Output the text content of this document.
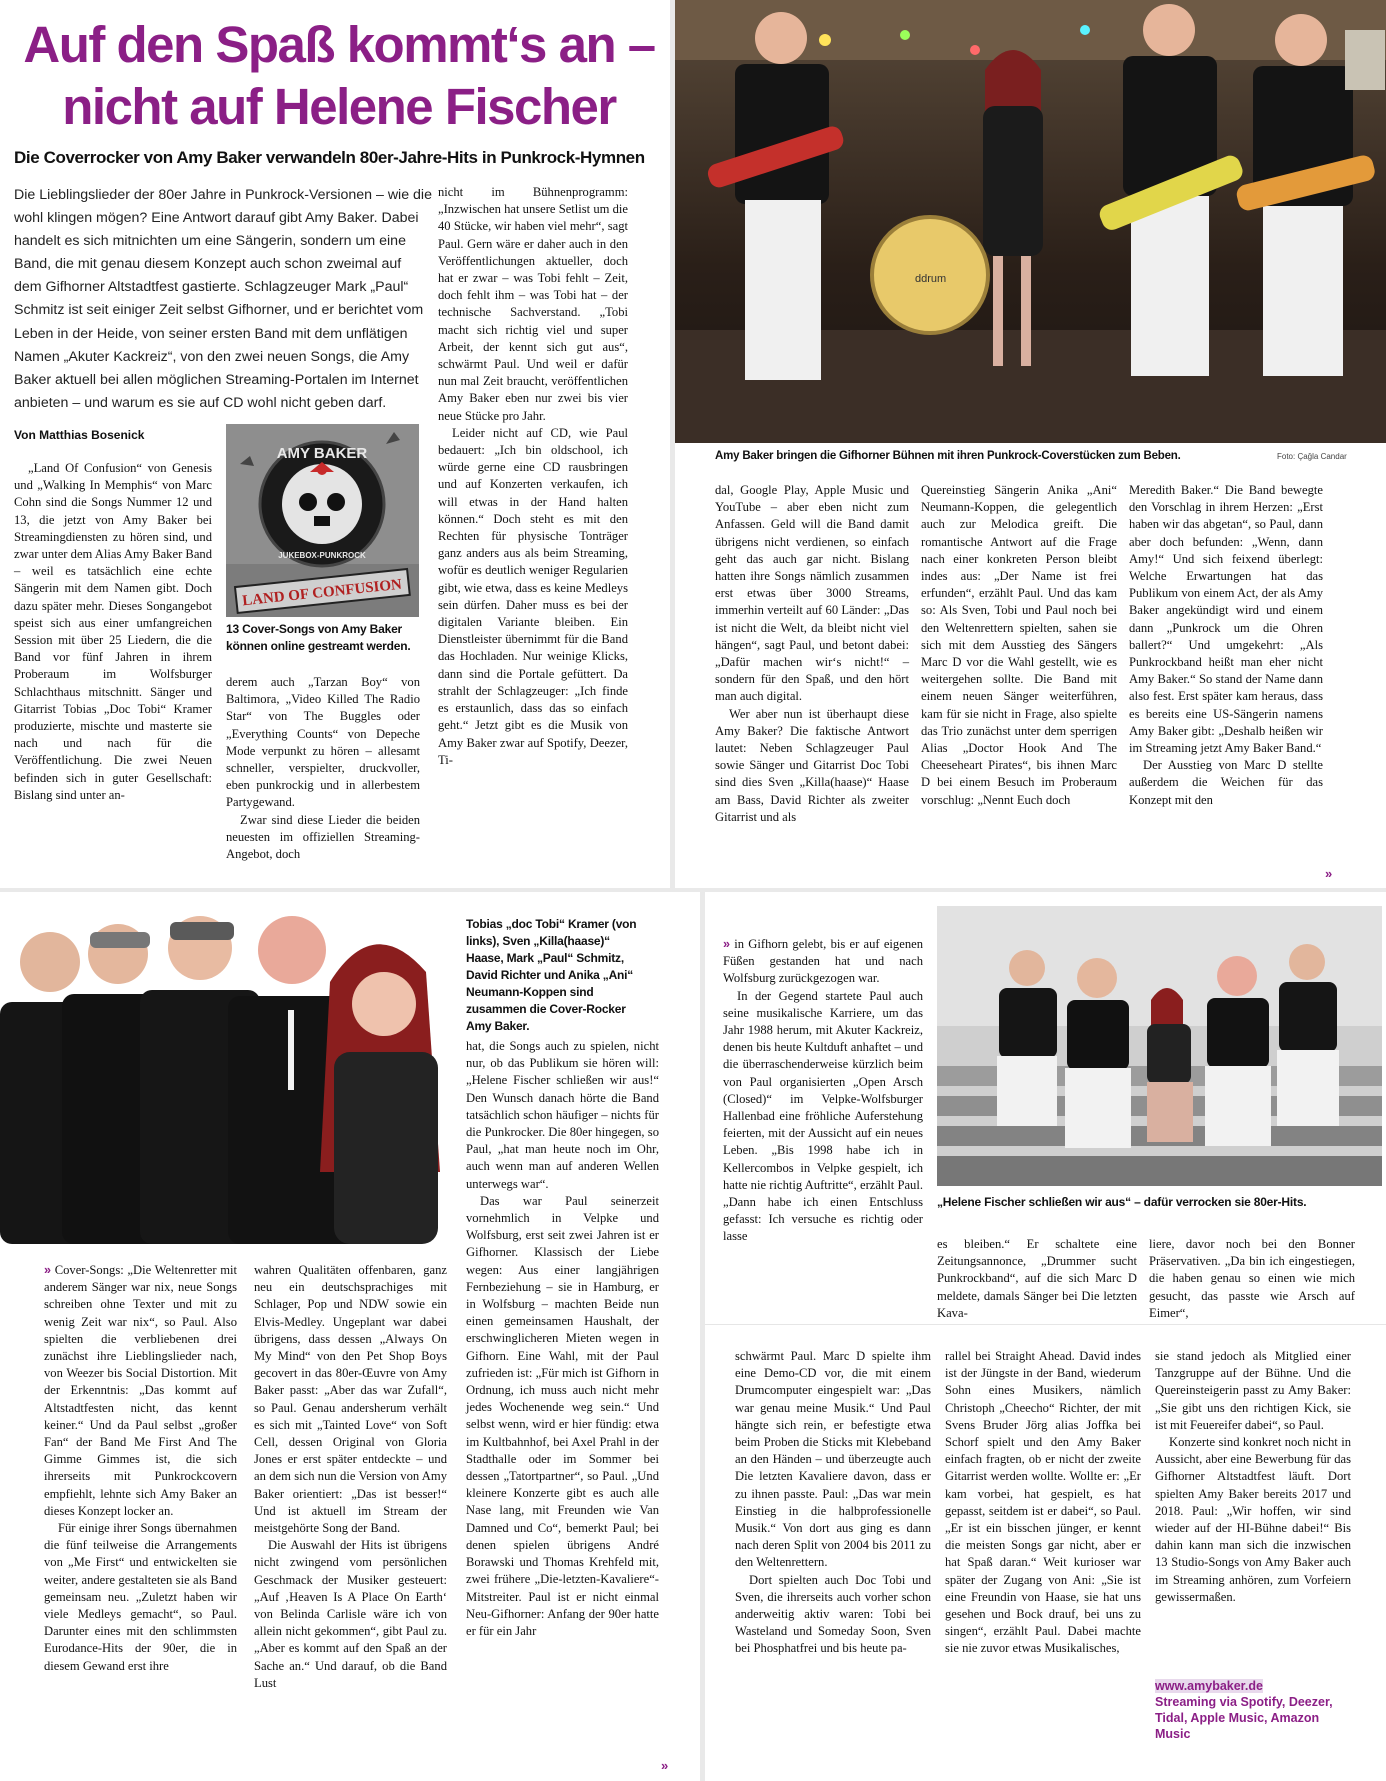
Auf den Spaß kommt‘s an –
nicht auf Helene Fischer

Die Coverrocker von Amy Baker verwandeln 80er-Jahre-Hits in Punkrock-Hymnen

Die Lieblingslieder der 80er Jahre in Punkrock-Versionen – wie die wohl klingen mögen? Eine Antwort darauf gibt Amy Baker. Dabei handelt es sich mitnichten um eine Sängerin, sondern um eine Band, die mit genau diesem Konzept auch schon zweimal auf dem Gifhorner Altstadtfest gastierte. Schlagzeuger Mark „Paul“ Schmitz ist seit einiger Zeit selbst Gifhorner, und er berichtet vom Leben in der Heide, von seiner ersten Band mit dem unflätigen Namen „Akuter Kackreiz“, von den zwei neuen Songs, die Amy Baker aktuell bei allen möglichen Streaming-Portalen im Internet anbieten – und warum es sie auf CD wohl nicht geben darf.

Von Matthias Bosenick

AMY BAKER
JUKEBOX-PUNKROCK
LAND OF CONFUSION

13 Cover-Songs von Amy Baker können online gestreamt werden.

„Land Of Confusion“ von Genesis und „Walking In Memphis“ von Marc Cohn sind die Songs Nummer 12 und 13, die jetzt von Amy Baker bei Streamingdiensten zu hören sind, und zwar unter dem Alias Amy Baker Band – weil es tatsächlich eine echte Sängerin mit dem Namen gibt. Doch dazu später mehr. Dieses Songangebot speist sich aus einer umfangreichen Session mit über 25 Liedern, die die Band vor fünf Jahren in ihrem Proberaum im Wolfsburger Schlachthaus mitschnitt. Sänger und Gitarrist Tobias „Doc Tobi“ Kramer produzierte, mischte und masterte sie nach und nach für die Veröffentlichung. Die zwei Neuen befinden sich in guter Gesellschaft: Bislang sind unter an-

derem auch „Tarzan Boy“ von Baltimora, „Video Killed The Radio Star“ von The Buggles oder „Everything Counts“ von Depeche Mode verpunkt zu hören – allesamt schneller, verspielter, druckvoller, eben punkrockig und in allerbestem Partygewand.

Zwar sind diese Lieder die beiden neuesten im offiziellen Streaming-Angebot, doch

nicht im Bühnenprogramm: „Inzwischen hat unsere Setlist um die 40 Stücke, wir haben viel mehr“, sagt Paul. Gern wäre er daher auch in den Veröffentlichungen aktueller, doch hat er zwar – was Tobi fehlt – Zeit, doch fehlt ihm – was Tobi hat – der technische Sachverstand. „Tobi macht sich richtig viel und super Arbeit, der kennt sich gut aus“, schwärmt Paul. Und weil er dafür nun mal Zeit braucht, veröffentlichen Amy Baker eben nur zwei bis vier neue Stücke pro Jahr.

Leider nicht auf CD, wie Paul bedauert: „Ich bin oldschool, ich würde gerne eine CD rausbringen und auf Konzerten verkaufen, ich will etwas in der Hand halten können.“ Doch steht es mit den Rechten für physische Tonträger ganz anders aus als beim Streaming, wofür es deutlich weniger Regularien gibt, wie etwa, dass es keine Medleys sein dürfen. Daher muss es bei der digitalen Variante bleiben. Ein Dienstleister übernimmt für die Band das Hochladen. Nur weinige Klicks, dann sind die Portale gefüttert. Da strahlt der Schlagzeuger: „Ich finde es erstaunlich, dass das so einfach geht.“ Jetzt gibt es die Musik von Amy Baker zwar auf Spotify, Deezer, Ti-

ddrum

Amy Baker bringen die Gifhorner Bühnen mit ihren Punkrock-Coverstücken zum Beben.	Foto: Çağla Candar

dal, Google Play, Apple Music und YouTube – aber eben nicht zum Anfassen. Geld will die Band damit übrigens nicht verdienen, so einfach geht das auch gar nicht. Bislang hatten ihre Songs nämlich zusammen erst etwas über 3000 Streams, immerhin verteilt auf 60 Länder: „Das ist nicht die Welt, da bleibt nicht viel hängen“, sagt Paul, und betont dabei: „Dafür machen wir‘s nicht!“ – sondern für den Spaß, und den hört man auch digital.

Wer aber nun ist überhaupt diese Amy Baker? Die faktische Antwort lautet: Neben Schlagzeuger Paul sowie Sänger und Gitarrist Doc Tobi sind dies Sven „Killa(haase)“ Haase am Bass, David Richter als zweiter Gitarrist und als

Quereinstieg Sängerin Anika „Ani“ Neumann-Koppen, die gelegentlich auch zur Melodica greift. Die romantische Antwort auf die Frage nach einer konkreten Person bleibt indes aus: „Der Name ist frei erfunden“, erzählt Paul. Und das kam so: Als Sven, Tobi und Paul noch bei den Weltenrettern spielten, sahen sie sich mit dem Ausstieg des Sängers Marc D vor die Wahl gestellt, wie es weitergehen sollte. Die Band mit einem neuen Sänger weiterführen, kam für sie nicht in Frage, also spielte das Trio zunächst unter dem sperrigen Alias „Doctor Hook And The Cheeseheart Pirates“, bis ihnen Marc D bei einem Besuch im Proberaum vorschlug: „Nennt Euch doch

Meredith Baker.“ Die Band bewegte den Vorschlag in ihrem Herzen: „Erst haben wir das abgetan“, so Paul, dann aber doch befunden: „Wenn, dann Amy!“ Und sich feixend überlegt: Welche Erwartungen hat das Publikum von einem Act, der als Amy Baker angekündigt wird und einem dann „Punkrock um die Ohren ballert?“ Und umgekehrt: „Als Punkrockband heißt man eher nicht Amy Baker.“ So stand der Name dann also fest. Erst später kam heraus, dass es bereits eine US-Sängerin namens Amy Baker gibt: „Deshalb heißen wir im Streaming jetzt Amy Baker Band.“

Der Ausstieg von Marc D stellte außerdem die Weichen für das Konzept mit den

»

Tobias „doc Tobi“ Kramer (von links), Sven „Killa(haase)“ Haase, Mark „Paul“ Schmitz, David Richter und Anika „Ani“ Neumann-Koppen sind zusammen die Cover-Rocker Amy Baker.

» Cover-Songs: „Die Weltenretter mit anderem Sänger war nix, neue Songs schreiben ohne Texter und mit zu wenig Zeit war nix“, so Paul. Also spielten die verbliebenen drei zunächst ihre Lieblingslieder nach, von Weezer bis Social Distortion. Mit der Erkenntnis: „Das kommt auf Altstadtfesten nicht, das kennt keiner.“ Und da Paul selbst „großer Fan“ der Band Me First And The Gimme Gimmes ist, die sich ihrerseits mit Punkrockcovern empfiehlt, lehnte sich Amy Baker an dieses Konzept locker an.

Für einige ihrer Songs übernahmen die fünf teilweise die Arrangements von „Me First“ und entwickelten sie weiter, andere gestalteten sie als Band gemeinsam neu. „Zuletzt haben wir viele Medleys gemacht“, so Paul. Darunter eines mit den schlimmsten Eurodance-Hits der 90er, die in diesem Gewand erst ihre

wahren Qualitäten offenbaren, ganz neu ein deutschsprachiges mit Schlager, Pop und NDW sowie ein Elvis-Medley. Ungeplant war dabei übrigens, dass dessen „Always On My Mind“ von den Pet Shop Boys gecovert in das 80er-Œuvre von Amy Baker passt: „Aber das war Zufall“, so Paul. Genau andersherum verhält es sich mit „Tainted Love“ von Soft Cell, dessen Original von Gloria Jones er erst später entdeckte – und an dem sich nun die Version von Amy Baker orientiert: „Das ist besser!“ Und ist aktuell im Stream der meistgehörte Song der Band.

Die Auswahl der Hits ist übrigens nicht zwingend vom persönlichen Geschmack der Musiker gesteuert: „Auf ‚Heaven Is A Place On Earth‘ von Belinda Carlisle wäre ich von allein nicht gekommen“, gibt Paul zu. „Aber es kommt auf den Spaß an der Sache an.“ Und darauf, ob die Band Lust

hat, die Songs auch zu spielen, nicht nur, ob das Publikum sie hören will: „Helene Fischer schließen wir aus!“ Den Wunsch danach hörte die Band tatsächlich schon häufiger – nichts für die Punkrocker. Die 80er hingegen, so Paul, „hat man heute noch im Ohr, auch wenn man auf anderen Wellen unterwegs war“.

Das war Paul seinerzeit vornehmlich in Velpke und Wolfsburg, erst seit zwei Jahren ist er Gifhorner. Klassisch der Liebe wegen: Aus einer langjährigen Fernbeziehung – sie in Hamburg, er in Wolfsburg – machten Beide nun einen gemeinsamen Haushalt, der erschwinglicheren Mieten wegen in Gifhorn. Eine Wahl, mit der Paul zufrieden ist: „Für mich ist Gifhorn in Ordnung, ich muss auch nicht mehr jedes Wochenende weg sein.“ Und selbst wenn, wird er hier fündig: etwa im Kultbahnhof, bei Axel Prahl in der Stadthalle oder im Sommer bei dessen „Tatortpartner“, so Paul. „Und kleinere Konzerte gibt es auch alle Nase lang, mit Freunden wie Van Damned und Co“, bemerkt Paul; bei denen spielen übrigens André Borawski und Thomas Krehfeld mit, zwei frühere „Die-letzten-Kavaliere“-Mitstreiter. Paul ist er nicht einmal Neu-Gifhorner: Anfang der 90er hatte er für ein Jahr

»

„Helene Fischer schließen wir aus“ – dafür verrocken sie 80er-Hits.

» in Gifhorn gelebt, bis er auf eigenen Füßen gestanden hat und nach Wolfsburg zurückgezogen war.

In der Gegend startete Paul auch seine musikalische Karriere, um das Jahr 1988 herum, mit Akuter Kackreiz, denen bis heute Kultduft anhaftet – und die überraschenderweise kürzlich beim von Paul organisierten „Open Arsch (Closed)“ im Velpke-Wolfsburger Hallenbad eine fröhliche Auferstehung feierten, mit der Aussicht auf ein neues Leben. „Bis 1998 habe ich in Kellercombos in Velpke gespielt, ich hatte nie richtig Auftritte“, erzählt Paul. „Dann habe ich einen Entschluss gefasst: Ich versuche es richtig oder lasse

es bleiben.“ Er schaltete eine Zeitungsannonce, „Drummer sucht Punkrockband“, auf die sich Marc D meldete, damals Sänger bei Die letzten Kava-

liere, davor noch bei den Bonner Präservativen. „Da bin ich eingestiegen, die haben genau so einen wie mich gesucht, das passte wie Arsch auf Eimer“,

schwärmt Paul. Marc D spielte ihm eine Demo-CD vor, die mit einem Drumcomputer eingespielt war: „Das war genau meine Musik.“ Und Paul hängte sich rein, er befestigte etwa beim Proben die Sticks mit Klebeband an den Händen – und überzeugte auch Die letzten Kavaliere davon, dass er zu ihnen passte. Paul: „Das war mein Einstieg in die halbprofessionelle Musik.“ Von dort aus ging es dann nach deren Split von 2004 bis 2011 zu den Weltenrettern.

Dort spielten auch Doc Tobi und Sven, die ihrerseits auch vorher schon anderweitig aktiv waren: Tobi bei Wasteland und Someday Soon, Sven bei Phosphatfrei und bis heute pa-

rallel bei Straight Ahead. David indes ist der Jüngste in der Band, wiederum Sohn eines Musikers, nämlich Christoph „Cheecho“ Richter, der mit Svens Bruder Jörg alias Joffka bei Schorf spielt und den Amy Baker einfach fragten, ob er nicht der zweite Gitarrist werden wollte. Wollte er: „Er kam vorbei, hat gespielt, es hat gepasst, seitdem ist er dabei“, so Paul. „Er ist ein bisschen jünger, er kennt die meisten Songs gar nicht, aber er hat Spaß daran.“ Weit kurioser war später der Zugang von Ani: „Sie ist eine Freundin von Haase, sie hat uns gesehen und Bock drauf, bei uns zu singen“, erzählt Paul. Dabei machte sie nie zuvor etwas Musikalisches,

sie stand jedoch als Mitglied einer Tanzgruppe auf der Bühne. Und die Quereinsteigerin passt zu Amy Baker: „Sie gibt uns den richtigen Kick, sie ist mit Feuereifer dabei“, so Paul.

Konzerte sind konkret noch nicht in Aussicht, aber eine Bewerbung für das Gifhorner Altstadtfest läuft. Dort spielten Amy Baker bereits 2017 und 2018. Paul: „Wir hoffen, wir sind wieder auf der HI-Bühne dabei!“ Bis dahin kann man sich die inzwischen 13 Studio-Songs von Amy Baker auch im Streaming anhören, zum Vorfeiern gewissermaßen.

www.amybaker.de
Streaming via Spotify, Deezer, Tidal, Apple Music, Amazon Music
